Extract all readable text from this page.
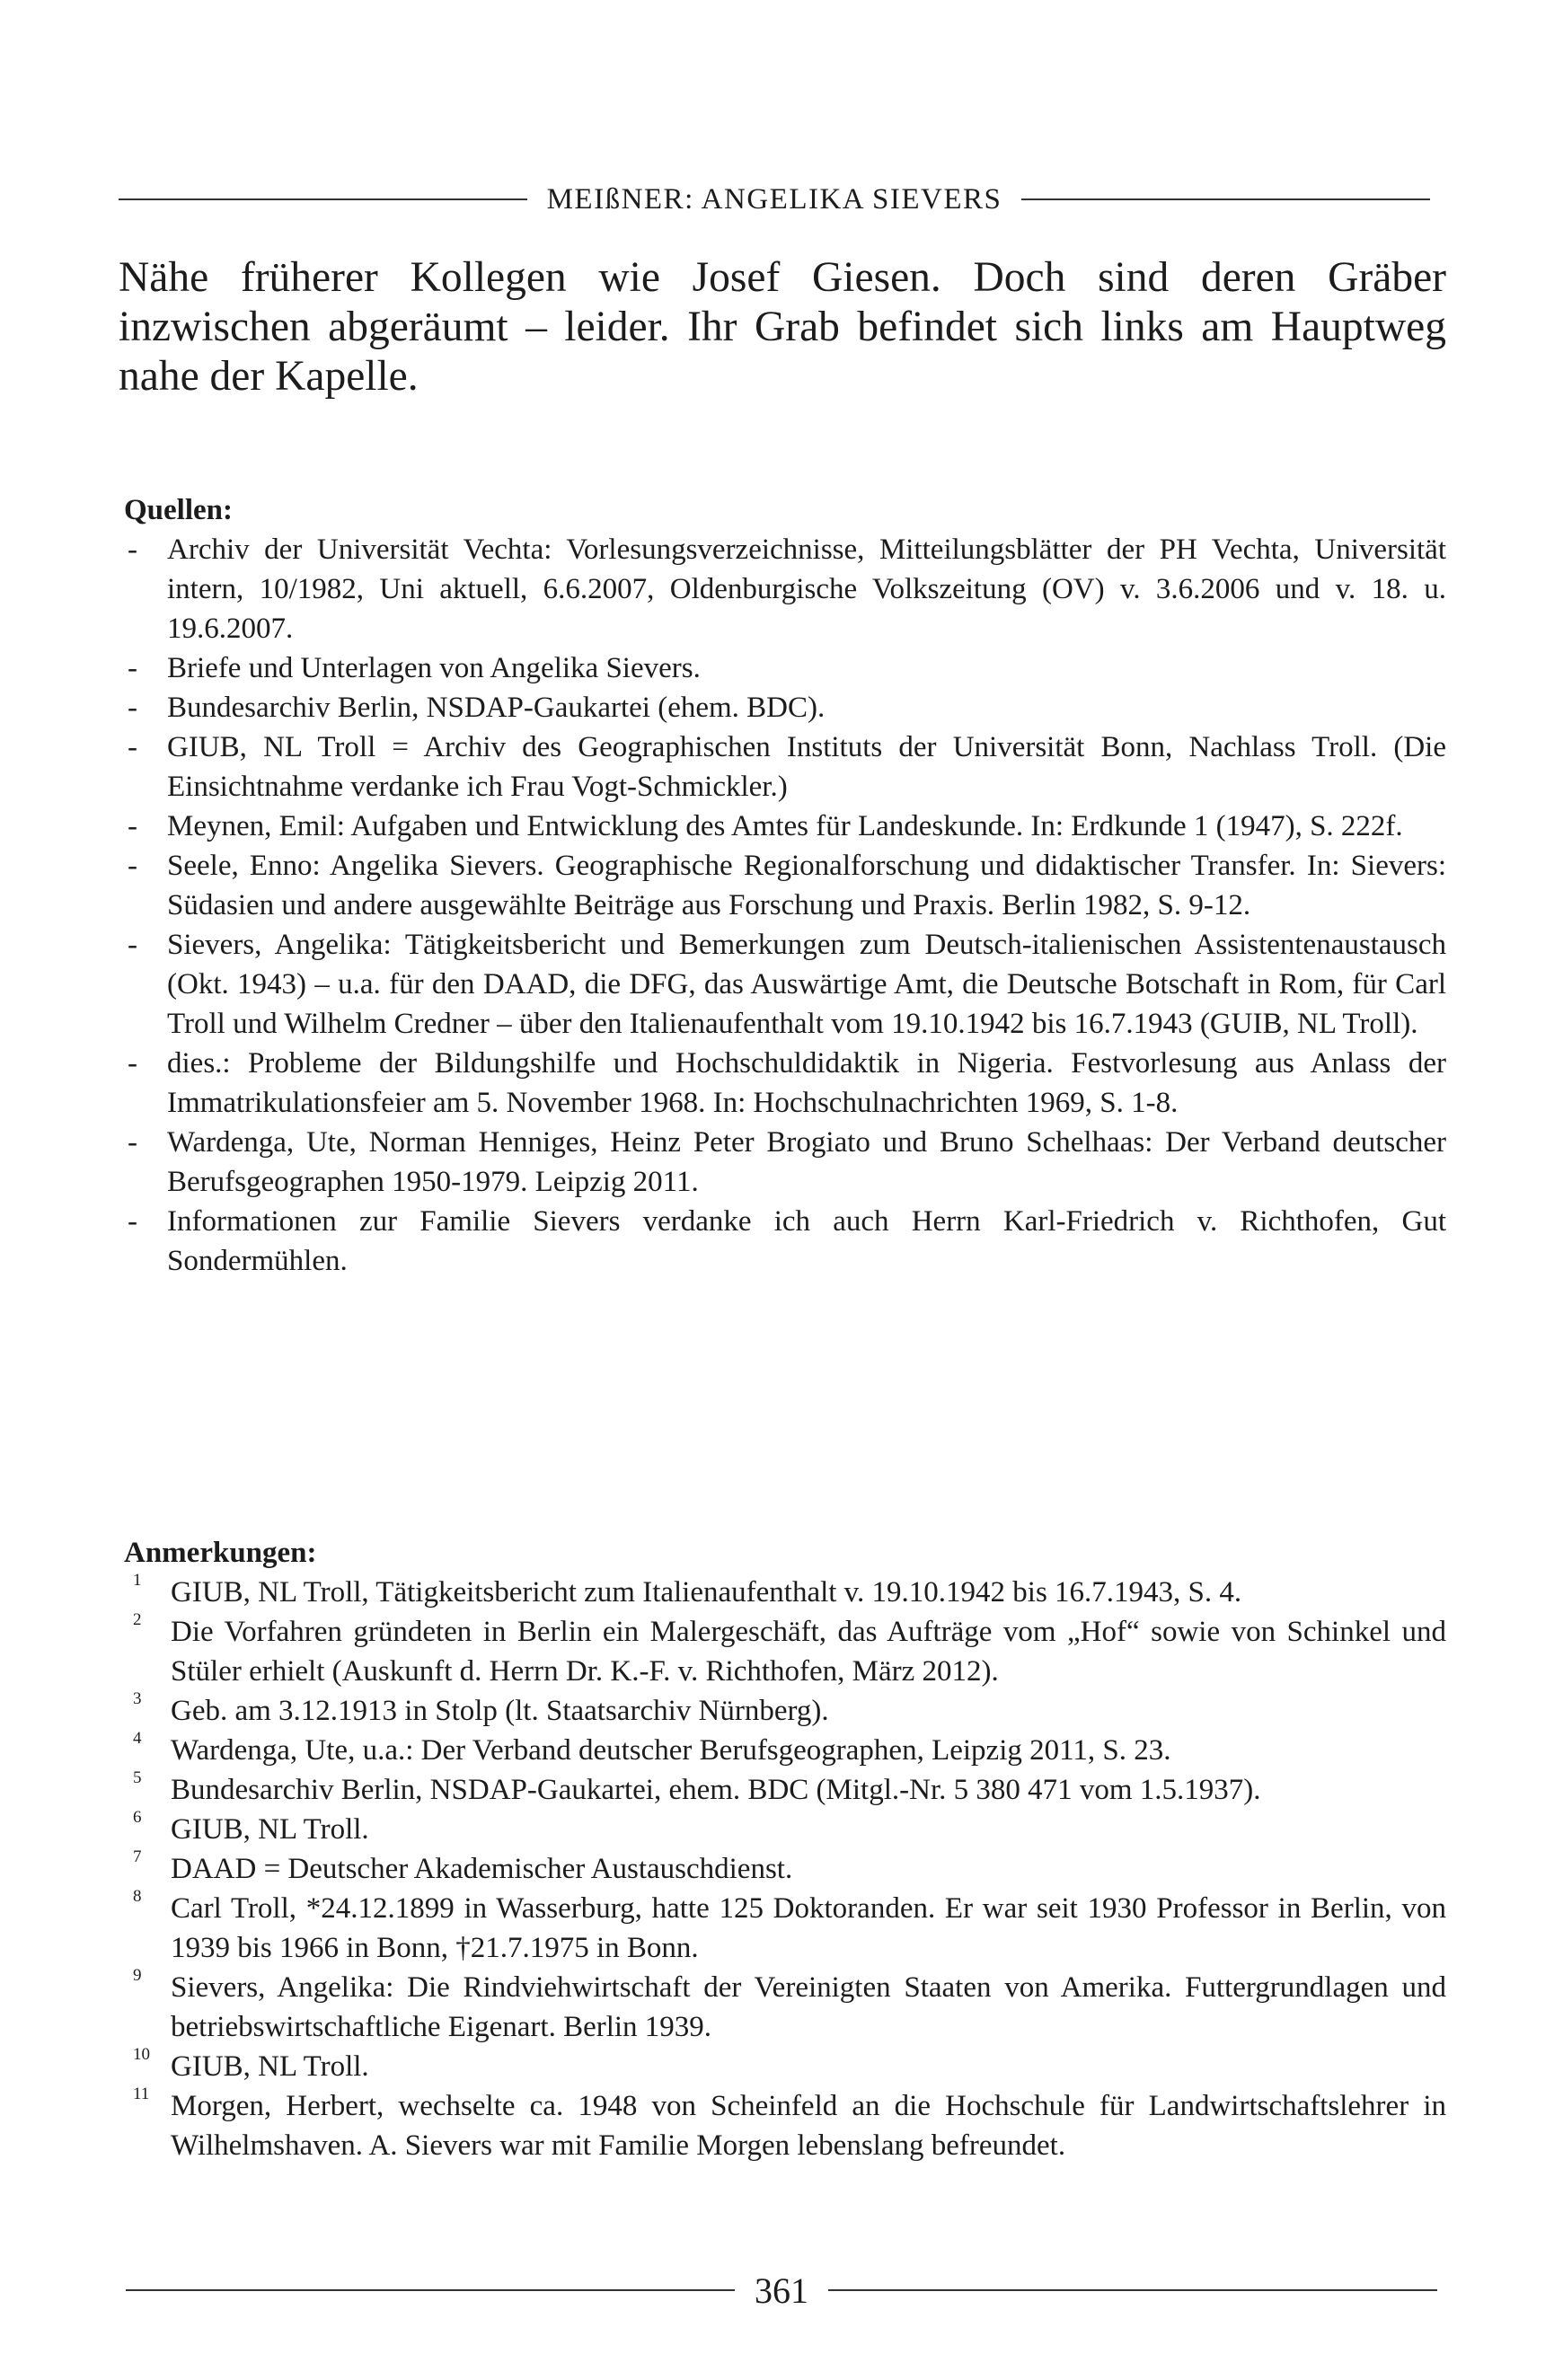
MEIßNER: ANGELIKA SIEVERS

Nähe früherer Kollegen wie Josef Giesen. Doch sind deren Gräber inzwischen abgeräumt – leider. Ihr Grab befindet sich links am Hauptweg nahe der Kapelle.

Quellen:
- Archiv der Universität Vechta: Vorlesungsverzeichnisse, Mitteilungsblätter der PH Vechta, Universität intern, 10/1982, Uni aktuell, 6.6.2007, Oldenburgische Volkszeitung (OV) v. 3.6.2006 und v. 18. u. 19.6.2007.
- Briefe und Unterlagen von Angelika Sievers.
- Bundesarchiv Berlin, NSDAP-Gaukartei (ehem. BDC).
- GIUB, NL Troll = Archiv des Geographischen Instituts der Universität Bonn, Nachlass Troll. (Die Einsichtnahme verdanke ich Frau Vogt-Schmickler.)
- Meynen, Emil: Aufgaben und Entwicklung des Amtes für Landeskunde. In: Erdkunde 1 (1947), S. 222f.
- Seele, Enno: Angelika Sievers. Geographische Regionalforschung und didaktischer Transfer. In: Sievers: Südasien und andere ausgewählte Beiträge aus Forschung und Praxis. Berlin 1982, S. 9-12.
- Sievers, Angelika: Tätigkeitsbericht und Bemerkungen zum Deutsch-italienischen Assistentenaustausch (Okt. 1943) – u.a. für den DAAD, die DFG, das Auswärtige Amt, die Deutsche Botschaft in Rom, für Carl Troll und Wilhelm Credner – über den Italienaufenthalt vom 19.10.1942 bis 16.7.1943 (GUIB, NL Troll).
- dies.: Probleme der Bildungshilfe und Hochschuldidaktik in Nigeria. Festvorlesung aus Anlass der Immatrikulationsfeier am 5. November 1968. In: Hochschulnachrichten 1969, S. 1-8.
- Wardenga, Ute, Norman Henniges, Heinz Peter Brogiato und Bruno Schelhaas: Der Verband deutscher Berufsgeographen 1950-1979. Leipzig 2011.
- Informationen zur Familie Sievers verdanke ich auch Herrn Karl-Friedrich v. Richthofen, Gut Sondermühlen.
Anmerkungen:
1 GIUB, NL Troll, Tätigkeitsbericht zum Italienaufenthalt v. 19.10.1942 bis 16.7.1943, S. 4.
2 Die Vorfahren gründeten in Berlin ein Malergeschäft, das Aufträge vom „Hof“ sowie von Schinkel und Stüler erhielt (Auskunft d. Herrn Dr. K.-F. v. Richthofen, März 2012).
3 Geb. am 3.12.1913 in Stolp (lt. Staatsarchiv Nürnberg).
4 Wardenga, Ute, u.a.: Der Verband deutscher Berufsgeographen, Leipzig 2011, S. 23.
5 Bundesarchiv Berlin, NSDAP-Gaukartei, ehem. BDC (Mitgl.-Nr. 5 380 471 vom 1.5.1937).
6 GIUB, NL Troll.
7 DAAD = Deutscher Akademischer Austauschdienst.
8 Carl Troll, *24.12.1899 in Wasserburg, hatte 125 Doktoranden. Er war seit 1930 Professor in Berlin, von 1939 bis 1966 in Bonn, †21.7.1975 in Bonn.
9 Sievers, Angelika: Die Rindviehwirtschaft der Vereinigten Staaten von Amerika. Futtergrundlagen und betriebswirtschaftliche Eigenart. Berlin 1939.
10 GIUB, NL Troll.
11 Morgen, Herbert, wechselte ca. 1948 von Scheinfeld an die Hochschule für Landwirtschaftslehrer in Wilhelmshaven. A. Sievers war mit Familie Morgen lebenslang befreundet.
361
